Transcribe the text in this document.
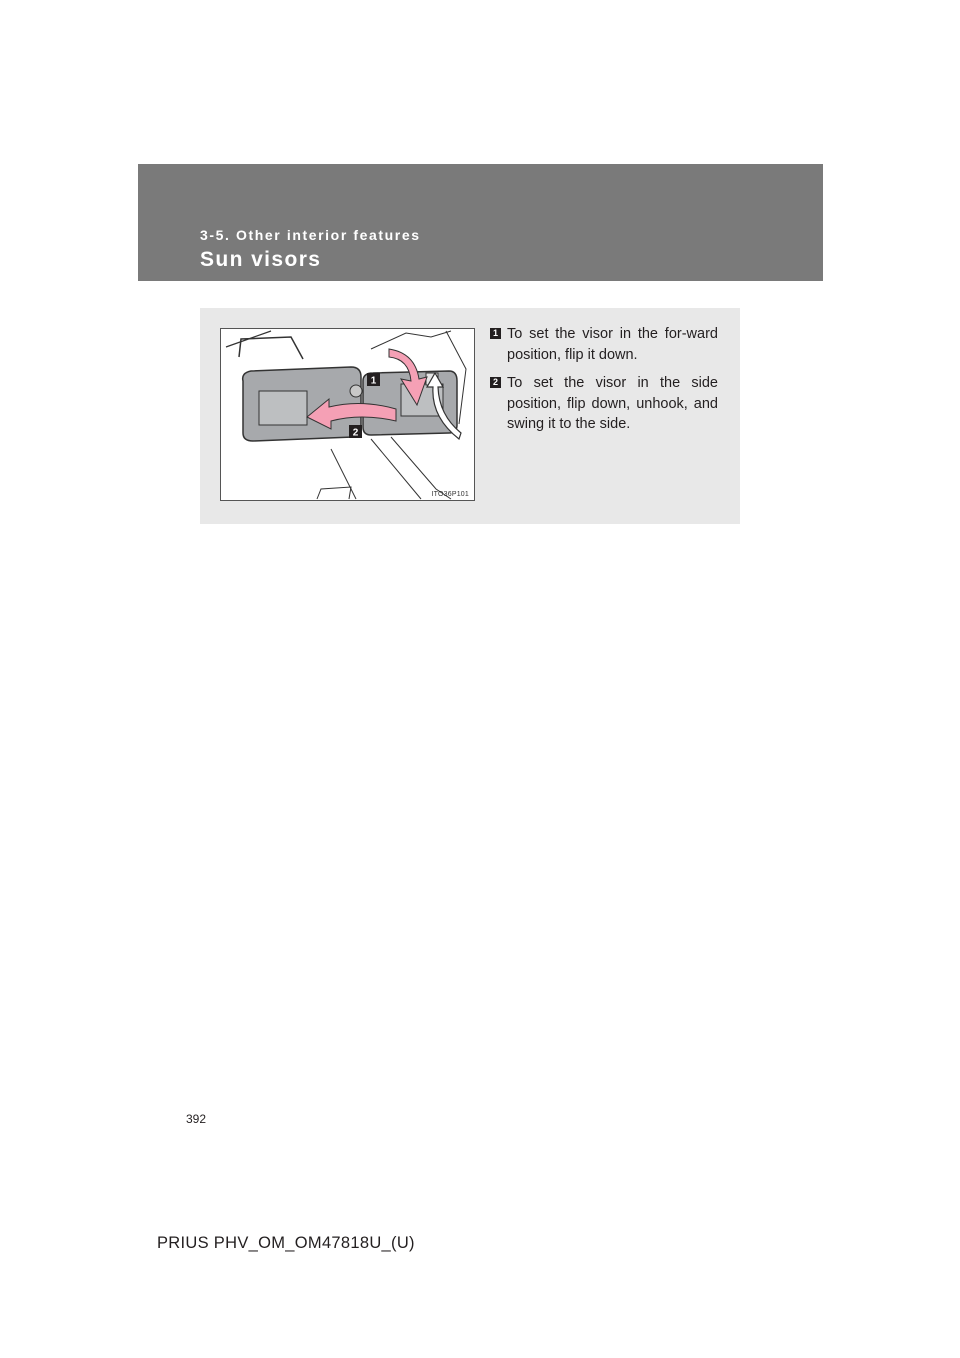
3-5. Other interior features
Sun visors
1
2
ITO36P101
1 To set the visor in the for-ward position, flip it down.
2 To set the visor in the side position, flip down, unhook, and swing it to the side.
392
PRIUS PHV_OM_OM47818U_(U)
